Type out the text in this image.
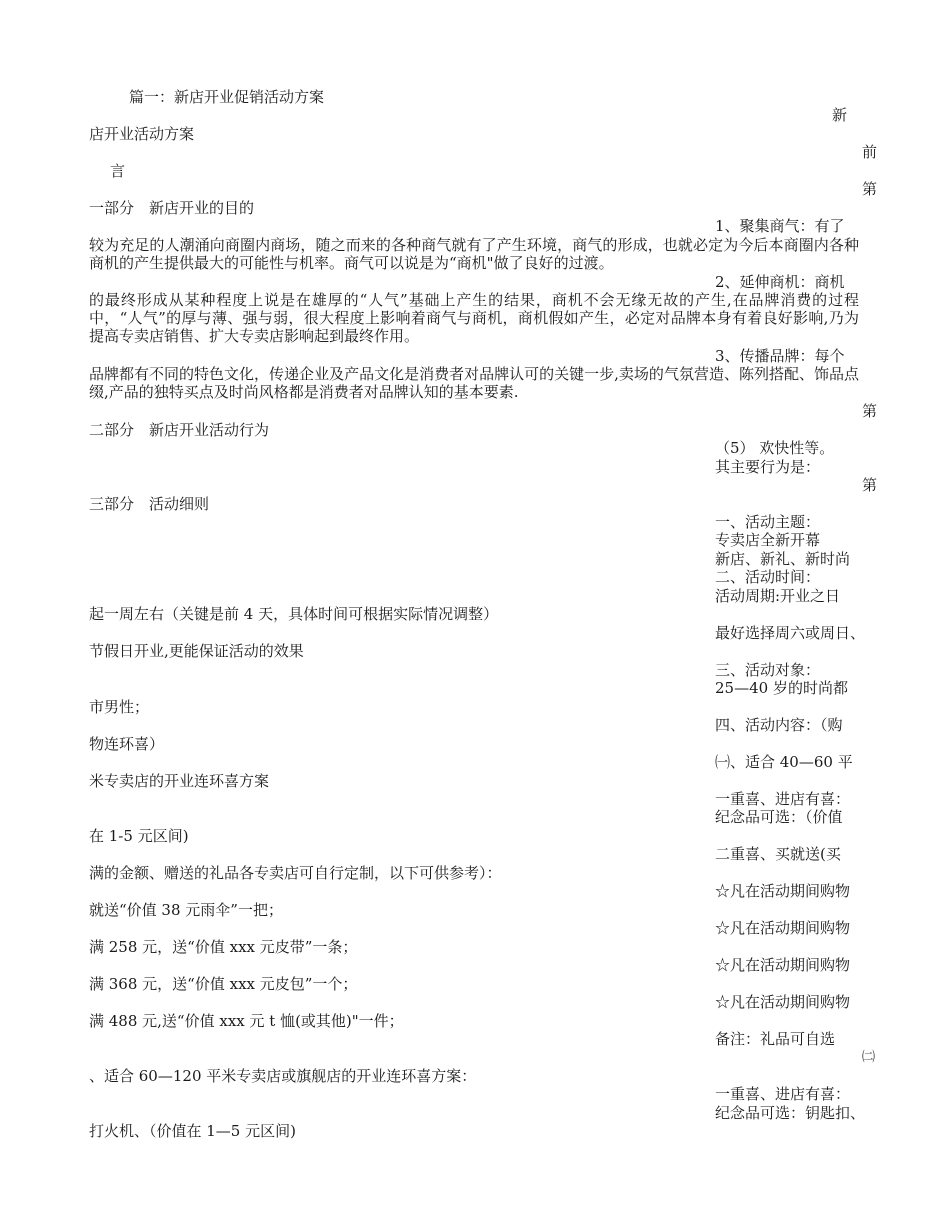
篇一：新店开业促销活动方案
新
店开业活动方案
前
言
第
一部分　新店开业的目的
1、聚集商气：有了
较为充足的人潮涌向商圈内商场，随之而来的各种商气就有了产生环境，商气的形成，也就必定为今后本商圈内各种商机的产生提供最大的可能性与机率。商气可以说是为“商机"做了良好的过渡。
2、延伸商机：商机
的最终形成从某种程度上说是在雄厚的“人气”基础上产生的结果，商机不会无缘无故的产生,在品牌消费的过程中，“人气”的厚与薄、强与弱，很大程度上影响着商气与商机，商机假如产生，必定对品牌本身有着良好影响,乃为提高专卖店销售、扩大专卖店影响起到最终作用。
3、传播品牌：每个
品牌都有不同的特色文化，传递企业及产品文化是消费者对品牌认可的关键一步,卖场的气氛营造、陈列搭配、饰品点缀,产品的独特买点及时尚风格都是消费者对品牌认知的基本要素.
第
二部分　新店开业活动行为
（5） 欢快性等。
其主要行为是：
第
三部分　活动细则
一、活动主题：
专卖店全新开幕
新店、新礼、新时尚
二、活动时间：
活动周期:开业之日
起一周左右（关键是前 4 天，具体时间可根据实际情况调整）
最好选择周六或周日、
节假日开业,更能保证活动的效果
三、活动对象：
25—40 岁的时尚都
市男性；
四、活动内容：（购
物连环喜）
㈠、适合 40—60 平
米专卖店的开业连环喜方案
一重喜、进店有喜：
纪念品可选：（价值
在 1-5 元区间)
二重喜、买就送(买
满的金额、赠送的礼品各专卖店可自行定制，以下可供参考）：
☆凡在活动期间购物
就送“价值 38 元雨伞”一把；
☆凡在活动期间购物
满 258 元，送“价值 xxx 元皮带”一条；
☆凡在活动期间购物
满 368 元，送“价值 xxx 元皮包”一个；
☆凡在活动期间购物
满 488 元,送“价值 xxx 元 t 恤(或其他)"一件；
备注：礼品可自选
㈡
、适合 60—120 平米专卖店或旗舰店的开业连环喜方案：
一重喜、进店有喜：
纪念品可选：钥匙扣、
打火机、（价值在 1—5 元区间)
